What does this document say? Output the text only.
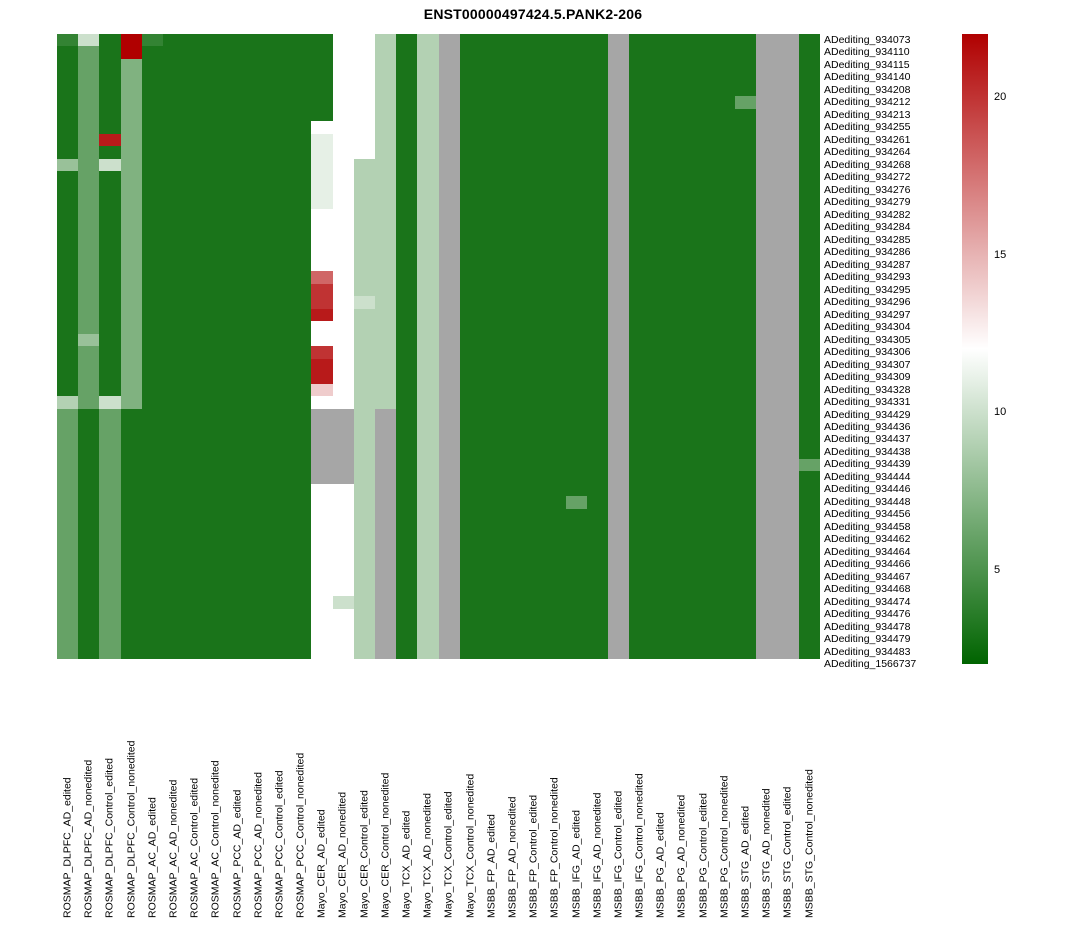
ENST00000497424.5.PANK2-206
ADediting_934073
ADediting_934110
ADediting_934115
ADediting_934140
ADediting_934208
ADediting_934212
ADediting_934213
ADediting_934255
ADediting_934261
ADediting_934264
ADediting_934268
ADediting_934272
ADediting_934276
ADediting_934279
ADediting_934282
ADediting_934284
ADediting_934285
ADediting_934286
ADediting_934287
ADediting_934293
ADediting_934295
ADediting_934296
ADediting_934297
ADediting_934304
ADediting_934305
ADediting_934306
ADediting_934307
ADediting_934309
ADediting_934328
ADediting_934331
ADediting_934429
ADediting_934436
ADediting_934437
ADediting_934438
ADediting_934439
ADediting_934444
ADediting_934446
ADediting_934448
ADediting_934456
ADediting_934458
ADediting_934462
ADediting_934464
ADediting_934466
ADediting_934467
ADediting_934468
ADediting_934474
ADediting_934476
ADediting_934478
ADediting_934479
ADediting_934483
ADediting_1566737
ROSMAP_DLPFC_AD_edited ROSMAP_DLPFC_AD_nonedited ROSMAP_DLPFC_Control_edited ROSMAP_DLPFC_Control_nonedited ROSMAP_AC_AD_edited ROSMAP_AC_AD_nonedited ROSMAP_AC_Control_edited ROSMAP_AC_Control_nonedited ROSMAP_PCC_AD_edited ROSMAP_PCC_AD_nonedited ROSMAP_PCC_Control_edited ROSMAP_PCC_Control_nonedited Mayo_CER_AD_edited Mayo_CER_AD_nonedited Mayo_CER_Control_edited Mayo_CER_Control_nonedited Mayo_TCX_AD_edited Mayo_TCX_AD_nonedited Mayo_TCX_Control_edited Mayo_TCX_Control_nonedited MSBB_FP_AD_edited MSBB_FP_AD_nonedited MSBB_FP_Control_edited MSBB_FP_Control_nonedited MSBB_IFG_AD_edited MSBB_IFG_AD_nonedited MSBB_IFG_Control_edited MSBB_IFG_Control_nonedited MSBB_PG_AD_edited MSBB_PG_AD_nonedited MSBB_PG_Control_edited MSBB_PG_Control_nonedited MSBB_STG_AD_edited MSBB_STG_AD_nonedited MSBB_STG_Control_edited MSBB_STG_Control_nonedited
5
10
15
20
